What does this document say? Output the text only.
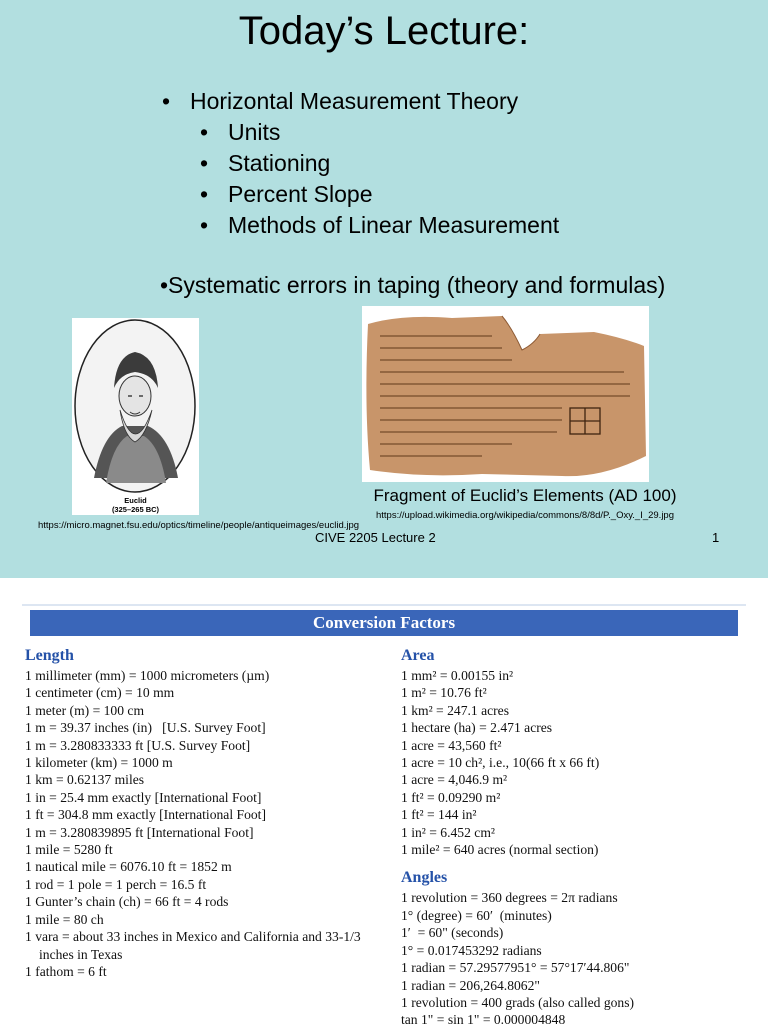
Today’s Lecture:
• Horizontal Measurement Theory
• Units
• Stationing
• Percent Slope
• Methods of Linear Measurement
•Systematic errors in taping (theory and formulas)
Euclid
(325–265 BC)
https://micro.magnet.fsu.edu/optics/timeline/people/antiqueimages/euclid.jpg
Fragment of Euclid’s Elements (AD 100)
https://upload.wikimedia.org/wikipedia/commons/8/8d/P._Oxy._I_29.jpg
CIVE 2205 Lecture 2	1
Conversion Factors
Length
1 millimeter (mm) = 1000 micrometers (µm)
1 centimeter (cm) = 10 mm
1 meter (m) = 100 cm
1 m = 39.37 inches (in)   [U.S. Survey Foot]
1 m = 3.280833333 ft [U.S. Survey Foot]
1 kilometer (km) = 1000 m
1 km = 0.62137 miles
1 in = 25.4 mm exactly [International Foot]
1 ft = 304.8 mm exactly [International Foot]
1 m = 3.280839895 ft [International Foot]
1 mile = 5280 ft
1 nautical mile = 6076.10 ft = 1852 m
1 rod = 1 pole = 1 perch = 16.5 ft
1 Gunter’s chain (ch) = 66 ft = 4 rods
1 mile = 80 ch
1 vara = about 33 inches in Mexico and California and 33-1/3 inches in Texas
1 fathom = 6 ft
Area
1 mm² = 0.00155 in²
1 m² = 10.76 ft²
1 km² = 247.1 acres
1 hectare (ha) = 2.471 acres
1 acre = 43,560 ft²
1 acre = 10 ch², i.e., 10(66 ft x 66 ft)
1 acre = 4,046.9 m²
1 ft² = 0.09290 m²
1 ft² = 144 in²
1 in² = 6.452 cm²
1 mile² = 640 acres (normal section)
Angles
1 revolution = 360 degrees = 2π radians
1° (degree) = 60′  (minutes)
1′  = 60" (seconds)
1° = 0.017453292 radians
1 radian = 57.29577951° = 57°17′44.806"
1 radian = 206,264.8062"
1 revolution = 400 grads (also called gons)
tan 1" = sin 1" = 0.000004848
